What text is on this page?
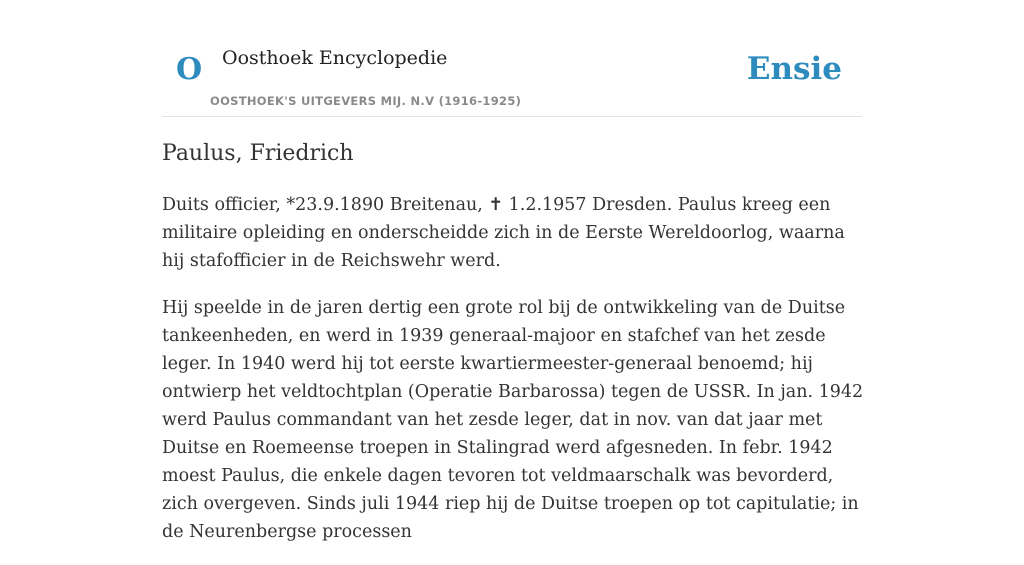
O Oosthoek Encyclopedie
OOSTHOEK'S UITGEVERS MIJ. N.V (1916-1925)
Ensie
Paulus, Friedrich

Duits officier, *23.9.1890 Breitenau, ✝ 1.2.1957 Dresden. Paulus kreeg een militaire opleiding en onderscheidde zich in de Eerste Wereldoorlog, waarna hij stafofficier in de Reichswehr werd.

Hij speelde in de jaren dertig een grote rol bij de ontwikkeling van de Duitse tankeenheden, en werd in 1939 generaal-majoor en stafchef van het zesde leger. In 1940 werd hij tot eerste kwartiermeester-generaal benoemd; hij ontwierp het veldtochtplan (Operatie Barbarossa) tegen de USSR. In jan. 1942 werd Paulus commandant van het zesde leger, dat in nov. van dat jaar met Duitse en Roemeense troepen in Stalingrad werd afgesneden. In febr. 1942 moest Paulus, die enkele dagen tevoren tot veldmaarschalk was bevorderd, zich overgeven. Sinds juli 1944 riep hij de Duitse troepen op tot capitulatie; in de Neurenbergse processen
